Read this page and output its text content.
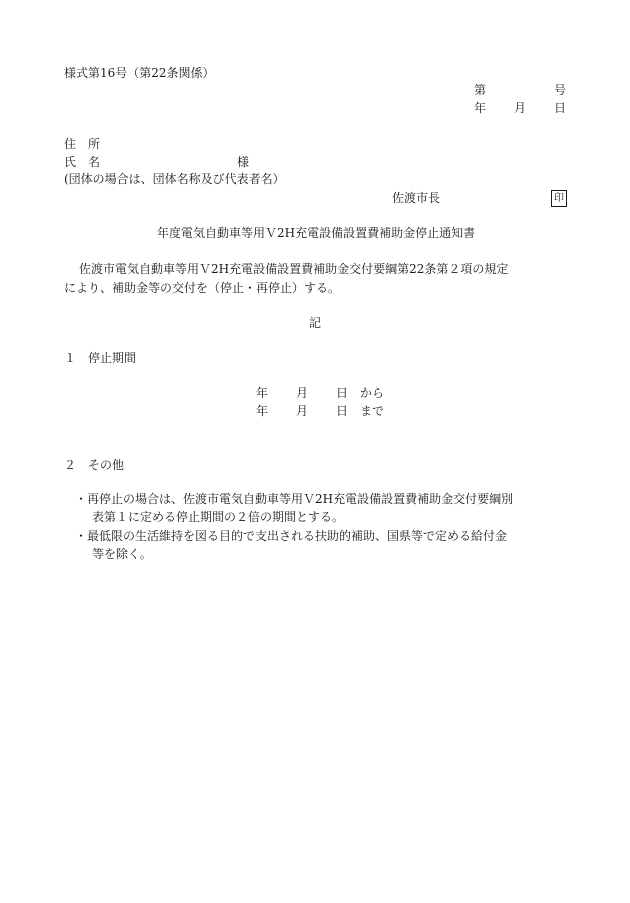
様式第16号（第22条関係）
第	号
年 月 日
住　所
氏　名	様
(団体の場合は、団体名称及び代表者名）
佐渡市長	印
年度電気自動車等用Ｖ2H充電設備設置費補助金停止通知書
佐渡市電気自動車等用Ｖ2H充電設備設置費補助金交付要綱第22条第２項の規定
により、補助金等の交付を（停止・再停止）する。
記
１　停止期間
年 月 日 から
年 月 日 まで
２　その他
・再停止の場合は、佐渡市電気自動車等用Ｖ2H充電設備設置費補助金交付要綱別
表第１に定める停止期間の２倍の期間とする。
・最低限の生活維持を図る目的で支出される扶助的補助、国県等で定める給付金
等を除く。
